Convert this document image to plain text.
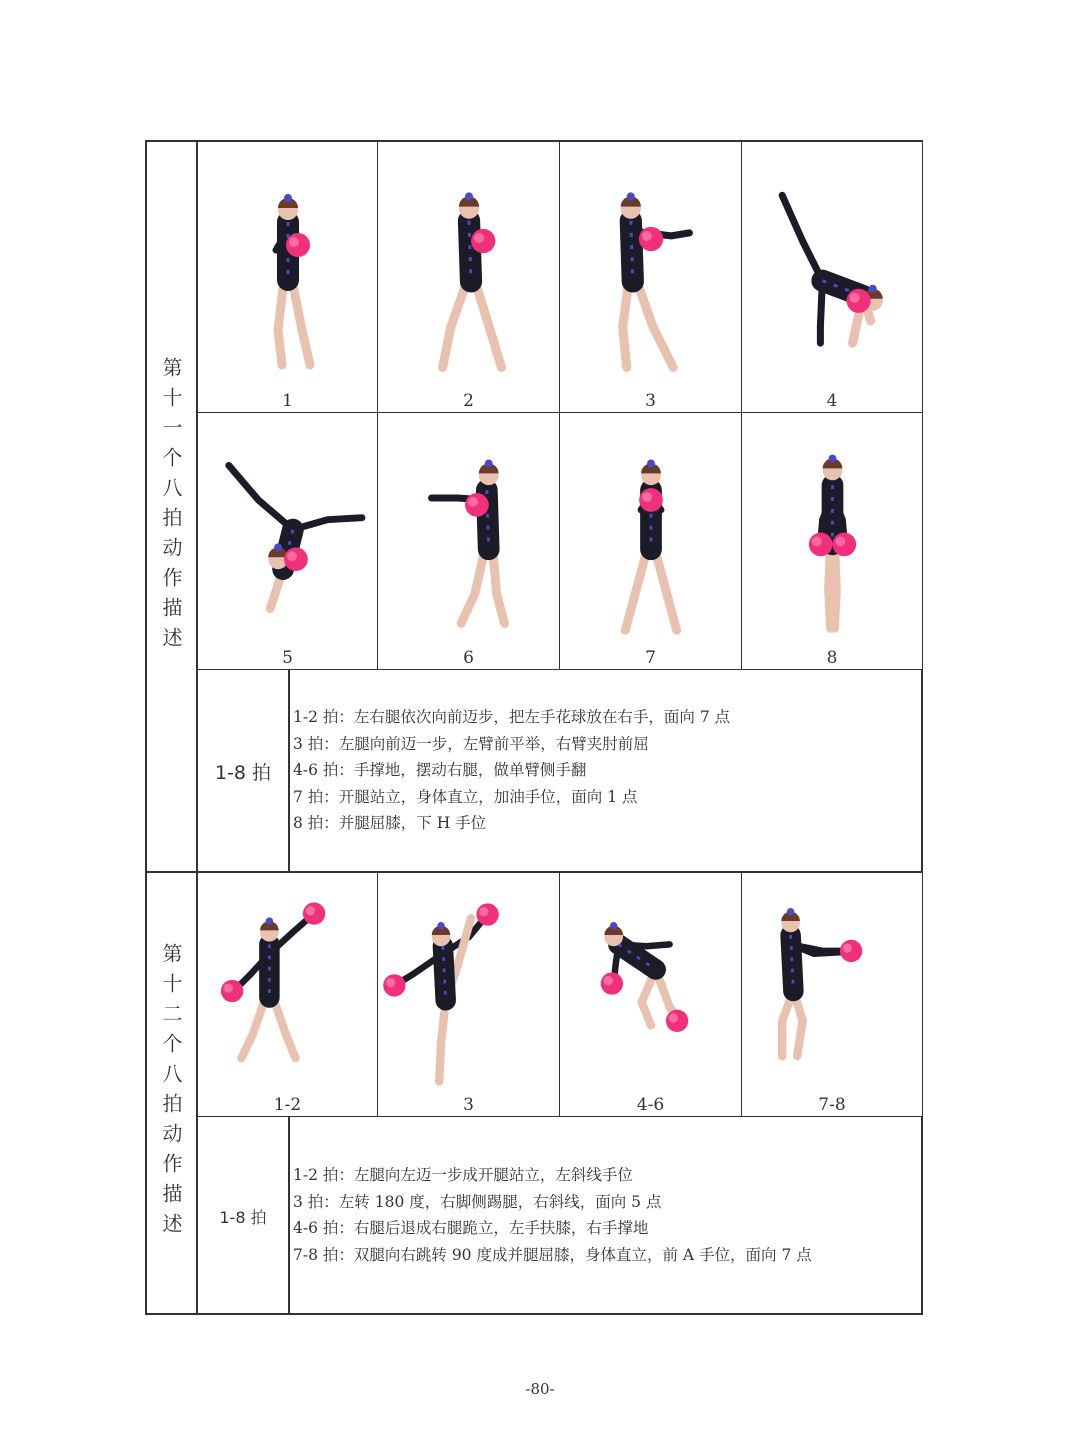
第十一个八拍动作描述	1	2	3	4
5	6	7	8
1-8 拍
1-2 拍：左右腿依次向前迈步，把左手花球放在右手，面向 7 点
3 拍：左腿向前迈一步，左臂前平举，右臂夹肘前屈
4-6 拍：手撑地，摆动右腿，做单臂侧手翻
7 拍：开腿站立，身体直立，加油手位，面向 1 点
8 拍：并腿屈膝，下 H 手位
第十二个八拍动作描述	1-2	3	4-6	7-8
1-8 拍
1-2 拍：左腿向左迈一步成开腿站立，左斜线手位
3 拍：左转 180 度，右脚侧踢腿，右斜线，面向 5 点
4-6 拍：右腿后退成右腿跪立，左手扶膝，右手撑地
7-8 拍：双腿向右跳转 90 度成并腿屈膝，身体直立，前 A 手位，面向 7 点
-80-
